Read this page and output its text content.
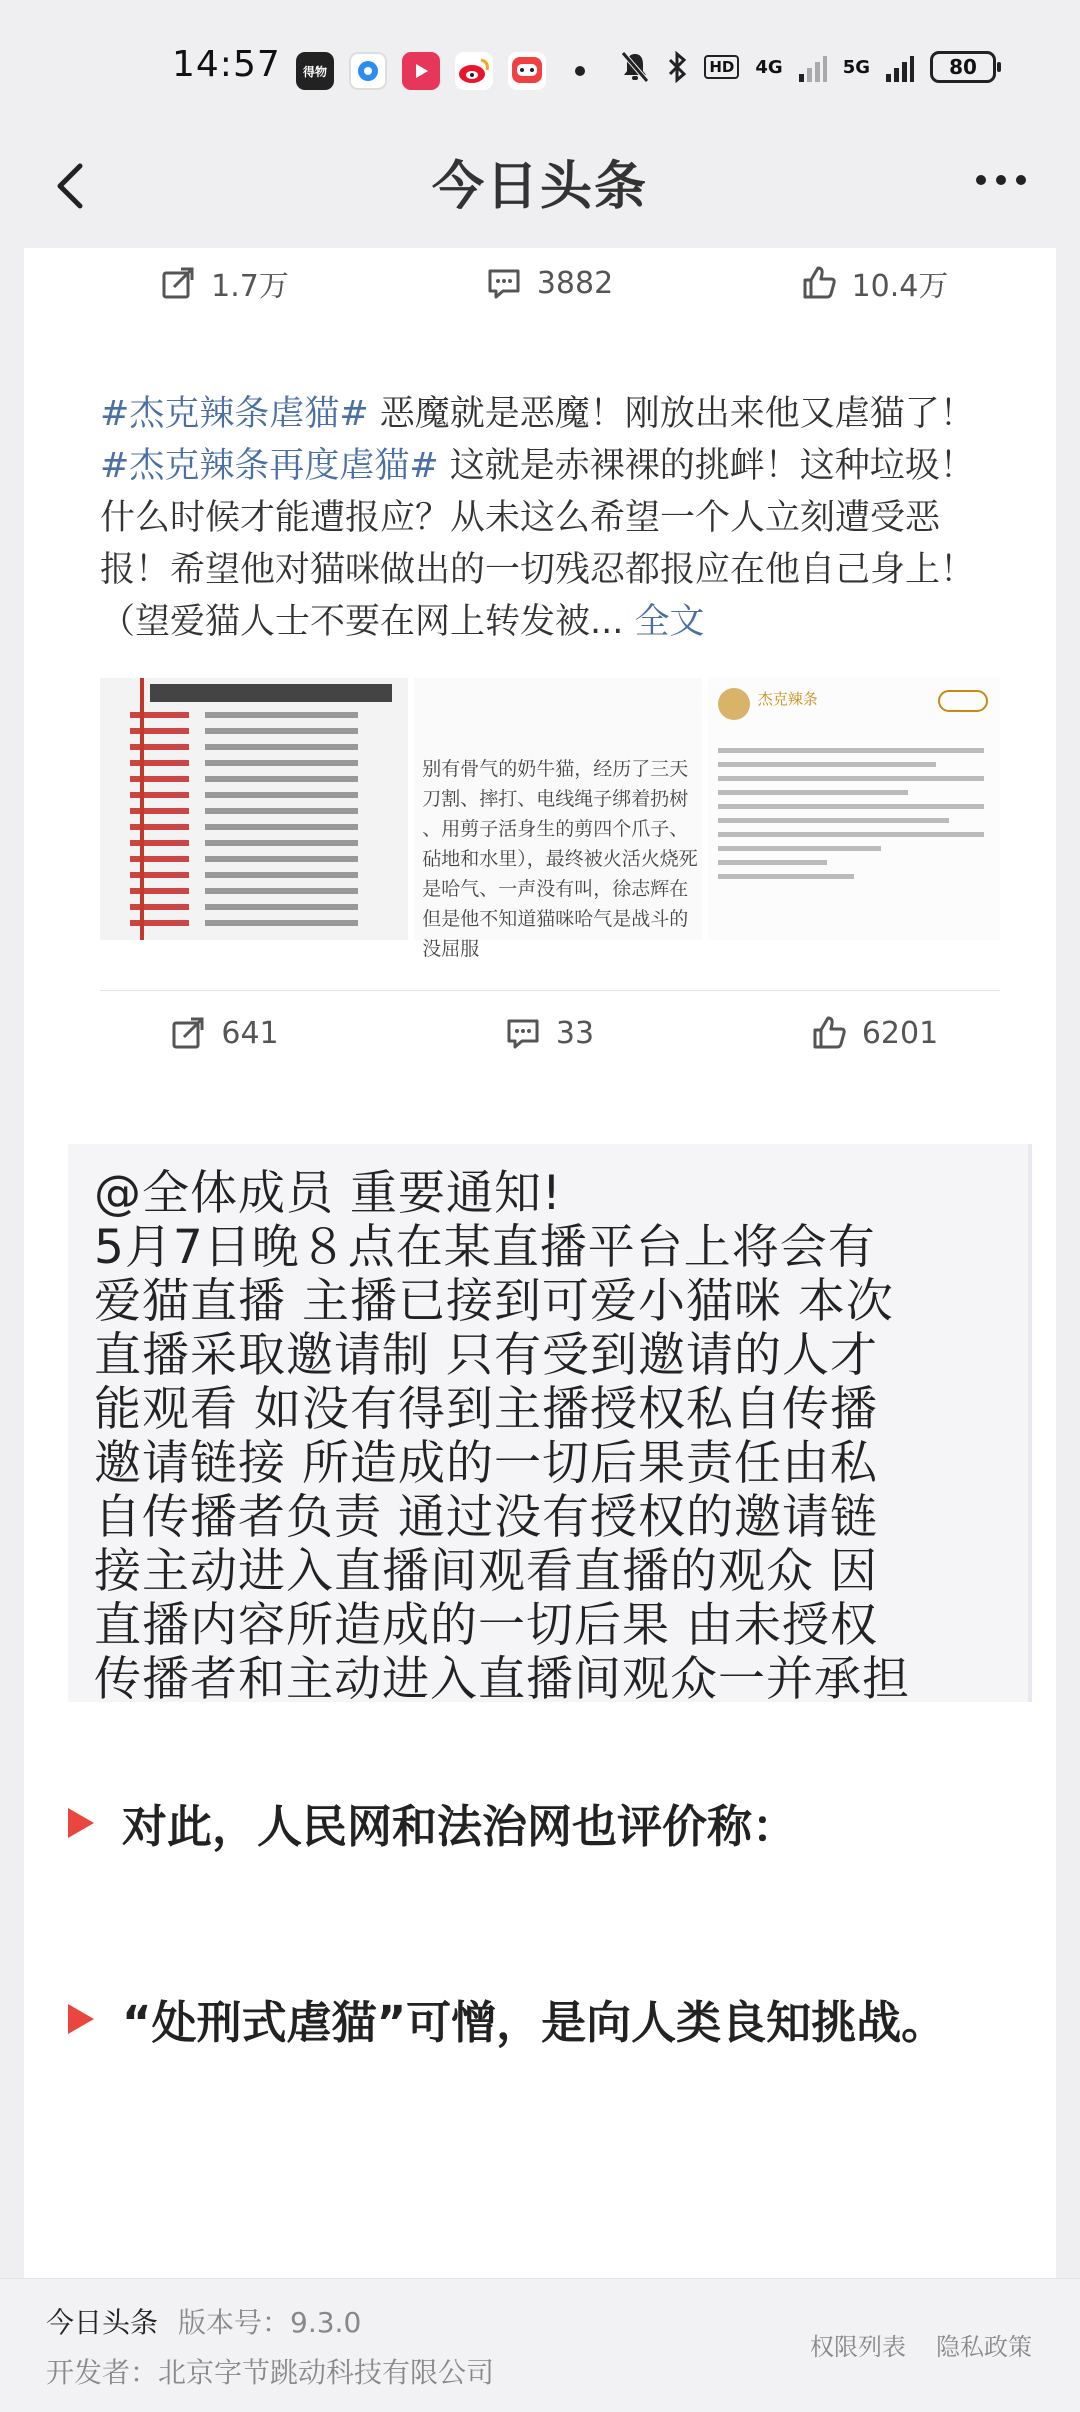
14:57	得物	HD 4G	5G	80
今日头条
1.7万	3882	10.4万
#杰克辣条虐猫# 恶魔就是恶魔！刚放出来他又虐猫了！ #杰克辣条再度虐猫# 这就是赤裸裸的挑衅！这种垃圾！什么时候才能遭报应？从未这么希望一个人立刻遭受恶报！希望他对猫咪做出的一切残忍都报应在他自己身上！（望爱猫人士不要在网上转发被... 全文

别有骨气的奶牛猫，经历了三天
刀割、摔打、电线绳子绑着扔树
、用剪子活身生的剪四个爪子、
砧地和水里），最终被火活火烧死
是哈气、一声没有叫，徐志辉在
但是他不知道猫咪哈气是战斗的
没屈服

杰克辣条
641	33	6201
@全体成员 重要通知!
5月7日晚８点在某直播平台上将会有
爱猫直播 主播已接到可爱小猫咪 本次
直播采取邀请制 只有受到邀请的人才
能观看 如没有得到主播授权私自传播
邀请链接 所造成的一切后果责任由私
自传播者负责 通过没有授权的邀请链
接主动进入直播间观看直播的观众 因
直播内容所造成的一切后果 由未授权
传播者和主动进入直播间观众一并承担
对此，人民网和法治网也评价称：
“处刑式虐猫”可憎，是向人类良知挑战。
今日头条 版本号：9.3.0
开发者：北京字节跳动科技有限公司
权限列表 隐私政策
